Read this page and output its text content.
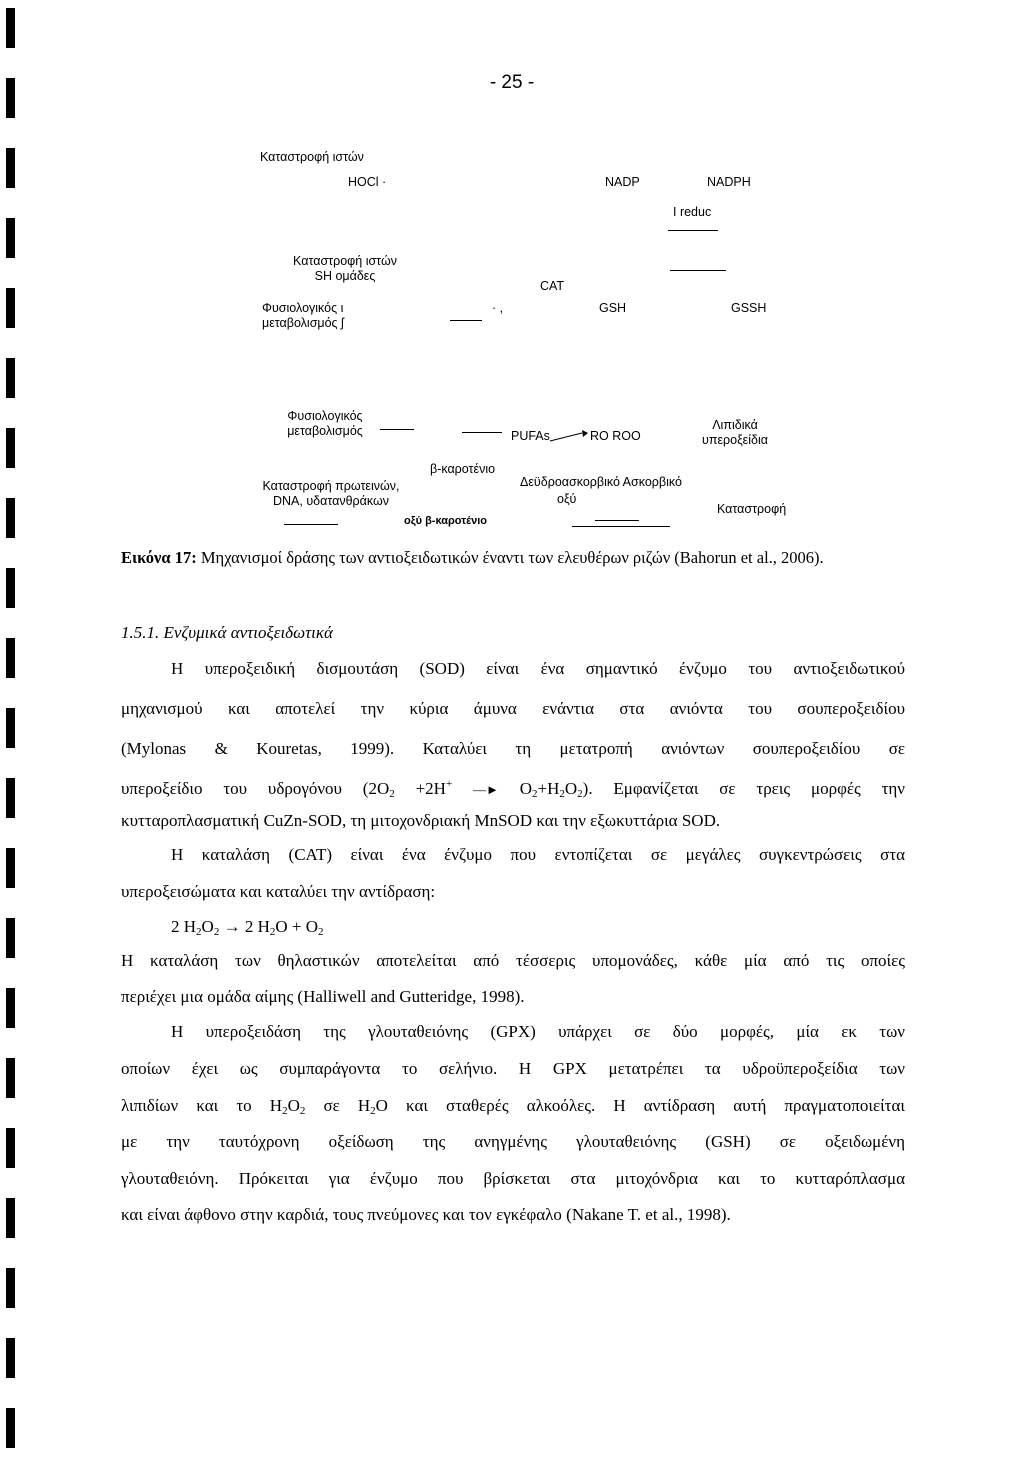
- 25 -
Καταστροφή ιστών
HOCl ·	NADP	NADPH
I reduc
Καταστροφή ιστών
SH ομάδες
CAT
Φυσιολογικός ι
μεταβολισμός ʃ
· ,	GSH	GSSH
Φυσιολογικός
μεταβολισμός	PUFAs	RO ROO
Λιπιδικά
υπεροξείδια
β-καροτένιο
Δεϋδροασκορβικό Ασκορβικό
οξύ
Καταστροφή πρωτεινών,
DNA, υδατανθράκων
Καταστροφή
οξύ β-καροτένιο
Εικόνα 17: Μηχανισμοί δράσης των αντιοξειδωτικών έναντι των ελευθέρων ριζών (Bahorun et al., 2006).
1.5.1. Ενζυμικά αντιοξειδωτικά
Η υπεροξειδική δισμουτάση (SOD) είναι ένα σημαντικό ένζυμο του αντιοξειδωτικού
μηχανισμού και αποτελεί την κύρια άμυνα ενάντια στα ανιόντα του σουπεροξειδίου
(Mylonas & Kouretas, 1999). Καταλύει τη μετατροπή ανιόντων σουπεροξειδίου σε
υπεροξείδιο του υδρογόνου ($2O_2 +2H^+$ —► $O_2+H_2O_2$). Εμφανίζεται σε τρεις μορφές την
κυτταροπλασματική CuZn-SOD, τη μιτοχονδριακή MnSOD και την εξωκυττάρια SOD.
Η καταλάση (CAT) είναι ένα ένζυμο που εντοπίζεται σε μεγάλες συγκεντρώσεις στα
υπεροξεισώματα και καταλύει την αντίδραση:
2 $H_2O_2 \to 2$ $H_2O + O_2$
Η καταλάση των θηλαστικών αποτελείται από τέσσερις υπομονάδες, κάθε μία από τις οποίες
περιέχει μια ομάδα αίμης (Halliwell and Gutteridge, 1998).
Η υπεροξειδάση της γλουταθειόνης (GPX) υπάρχει σε δύο μορφές, μία εκ των
οποίων έχει ως συμπαράγοντα το σελήνιο. Η GPX μετατρέπει τα υδροϋπεροξείδια των
λιπιδίων και το $H_2O_2$ σε $H_2O$ και σταθερές αλκοόλες. Η αντίδραση αυτή πραγματοποιείται
με την ταυτόχρονη οξείδωση της ανηγμένης γλουταθειόνης (GSH) σε οξειδωμένη
γλουταθειόνη. Πρόκειται για ένζυμο που βρίσκεται στα μιτοχόνδρια και το κυτταρόπλασμα
και είναι άφθονο στην καρδιά, τους πνεύμονες και τον εγκέφαλο (Nakane T. et al., 1998).
